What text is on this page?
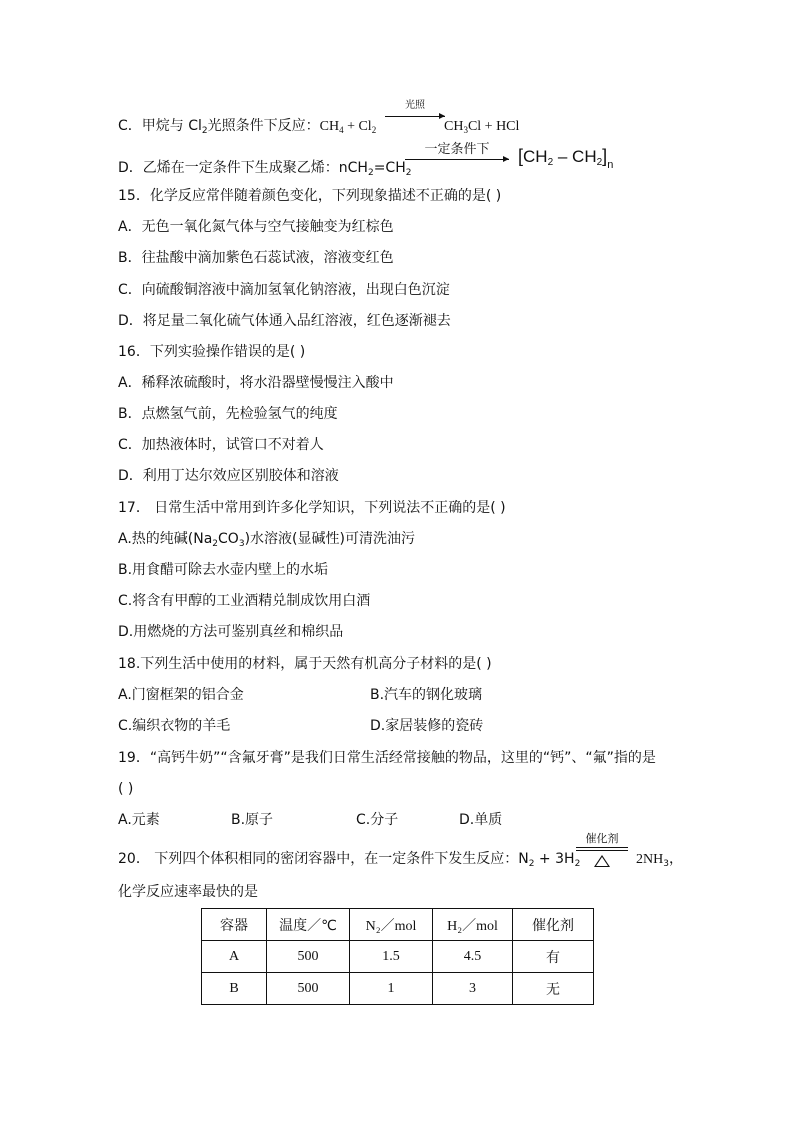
C．甲烷与 $Cl_2$光照条件下反应：$CH_4 + Cl_2$
光照
$CH_3Cl$ + HCl
D．乙烯在一定条件下生成聚乙烯：$nCH_2=CH_2$
一定条件下	$[CH_2 - CH_2]_n$
15．化学反应常伴随着颜色变化，下列现象描述不正确的是( )
A．无色一氧化氮气体与空气接触变为红棕色
B．往盐酸中滴加紫色石蕊试液，溶液变红色
C．向硫酸铜溶液中滴加氢氧化钠溶液，出现白色沉淀
D．将足量二氧化硫气体通入品红溶液，红色逐渐褪去
16．下列实验操作错误的是( )
A．稀释浓硫酸时，将水沿器壁慢慢注入酸中
B．点燃氢气前，先检验氢气的纯度
C．加热液体时，试管口不对着人
D．利用丁达尔效应区别胶体和溶液
17． 日常生活中常用到许多化学知识，下列说法不正确的是( )
A.热的纯碱$(Na_2CO_3)$水溶液(显碱性)可清洗油污
B.用食醋可除去水壶内壁上的水垢
C.将含有甲醇的工业酒精兑制成饮用白酒
D.用燃烧的方法可鉴别真丝和棉织品
18.下列生活中使用的材料，属于天然有机高分子材料的是( )
A.门窗框架的铝合金	B.汽车的钢化玻璃
C.编织衣物的羊毛	D.家居装修的瓷砖
19．“高钙牛奶”“含氟牙膏”是我们日常生活经常接触的物品，这里的“钙”、“氟”指的是
( )
A.元素	B.原子	C.分子	D.单质
20． 下列四个体积相同的密闭容器中，在一定条件下发生反应：$N_2 + 3H_2$
催化剂
$2NH_3$，
化学反应速率最快的是
容器	温度／℃	N₂／mol	H₂／mol	催化剂
A	500	1.5	4.5	有
B	500	1	3	无
